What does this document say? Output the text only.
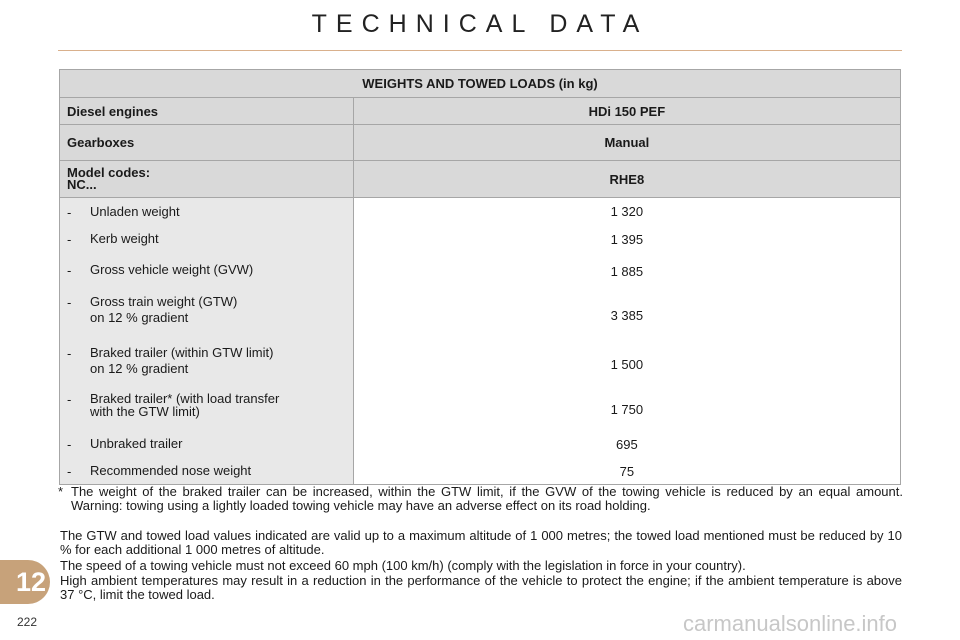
TECHNICAL DATA
WEIGHTS AND TOWED LOADS (in kg)	
Diesel engines	HDi 150 PEF
Gearboxes	Manual
Model codes:
NC...	RHE8

- Unladen weight	1 320

- Kerb weight	1 395

- Gross vehicle weight (GVW)	1 885

- Gross train weight (GTW)
on 12 % gradient	3 385

- Braked trailer (within GTW limit)
on 12 % gradient	1 500

- Braked trailer* (with load transfer
with the GTW limit)	1 750

- Unbraked trailer	695

- Recommended nose weight	75
* The weight of the braked trailer can be increased, within the GTW limit, if the GVW of the towing vehicle is reduced by an equal amount. Warning: towing using a lightly loaded towing vehicle may have an adverse effect on its road holding.
The GTW and towed load values indicated are valid up to a maximum altitude of 1 000 metres; the towed load mentioned must be reduced by 10 % for each additional 1 000 metres of altitude.
The speed of a towing vehicle must not exceed 60 mph (100 km/h) (comply with the legislation in force in your country).
High ambient temperatures may result in a reduction in the performance of the vehicle to protect the engine; if the ambient temperature is above 37 °C, limit the towed load.
12
222	carmanualsonline.info
